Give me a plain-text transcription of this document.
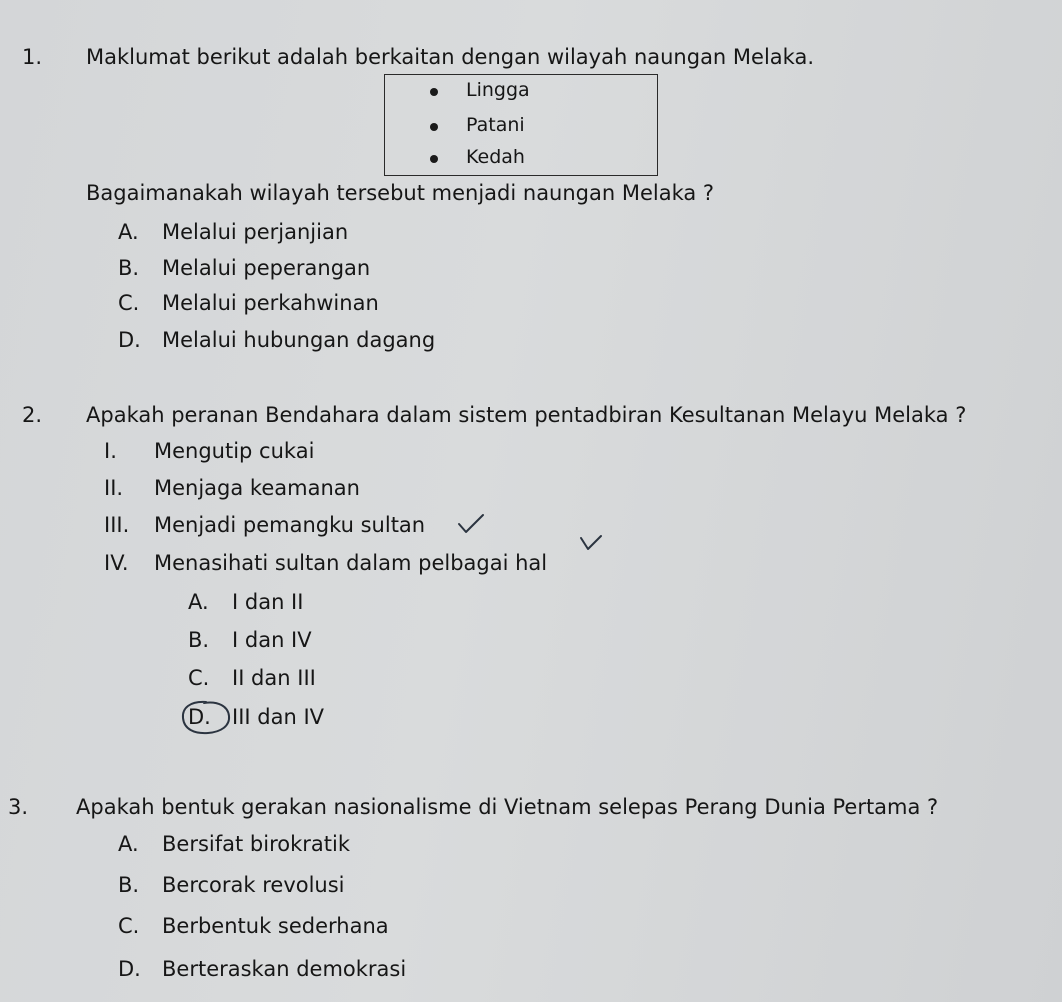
1. Maklumat berikut adalah berkaitan dengan wilayah naungan Melaka.
Lingga
Patani
Kedah
Bagaimanakah wilayah tersebut menjadi naungan Melaka ?
A. Melalui perjanjian
B. Melalui peperangan
C. Melalui perkahwinan
D. Melalui hubungan dagang
2. Apakah peranan Bendahara dalam sistem pentadbiran Kesultanan Melayu Melaka ?
I. Mengutip cukai
II. Menjaga keamanan
III. Menjadi pemangku sultan
IV. Menasihati sultan dalam pelbagai hal
A. I dan II
B. I dan IV
C. II dan III
D. III dan IV
3. Apakah bentuk gerakan nasionalisme di Vietnam selepas Perang Dunia Pertama ?
A. Bersifat birokratik
B. Bercorak revolusi
C. Berbentuk sederhana
D. Berteraskan demokrasi
